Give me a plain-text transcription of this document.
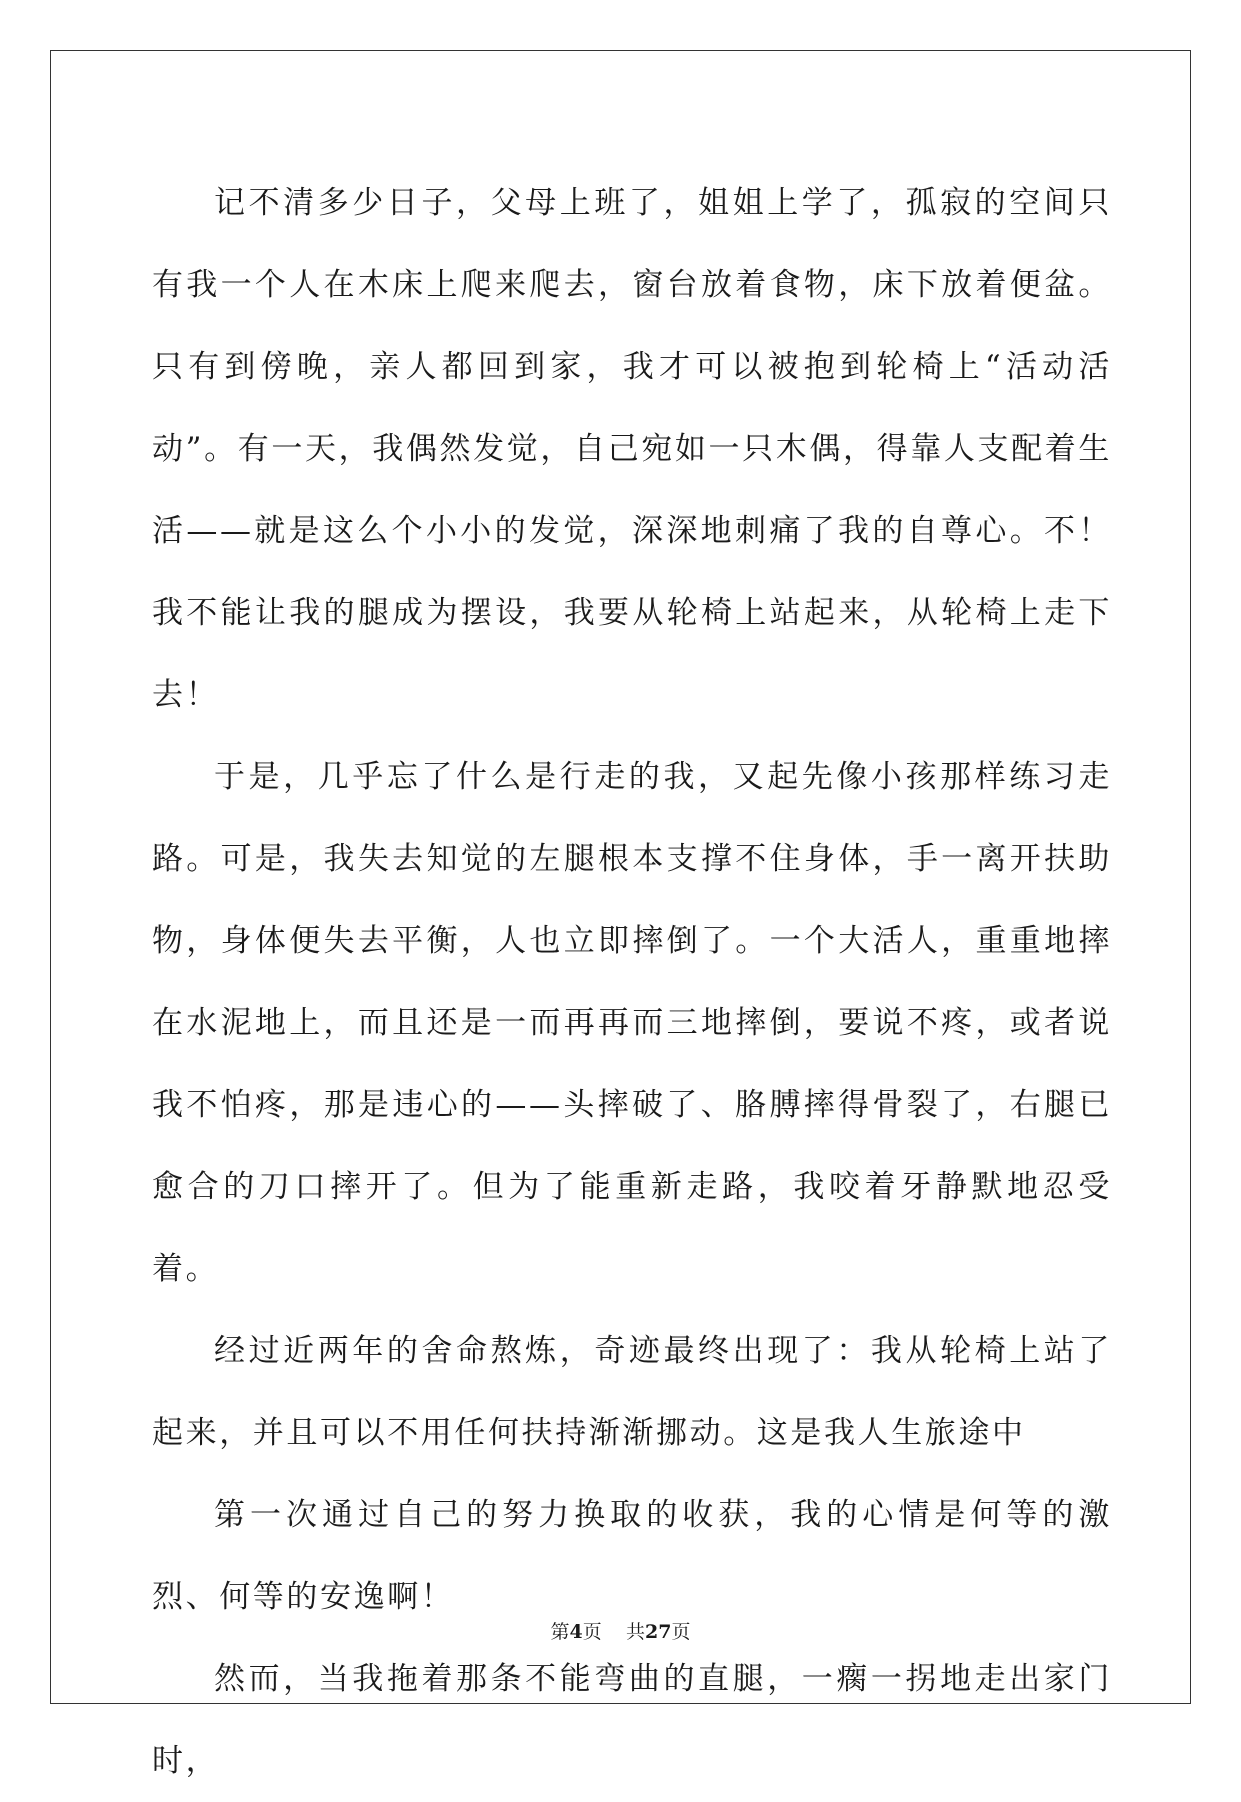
记不清多少日子，父母上班了，姐姐上学了，孤寂的空间只有我一个人在木床上爬来爬去，窗台放着食物，床下放着便盆。只有到傍晚，亲人都回到家，我才可以被抱到轮椅上“活动活动”。有一天，我偶然发觉，自己宛如一只木偶，得靠人支配着生活——就是这么个小小的发觉，深深地刺痛了我的自尊心。不！我不能让我的腿成为摆设，我要从轮椅上站起来，从轮椅上走下去！

于是，几乎忘了什么是行走的我，又起先像小孩那样练习走路。可是，我失去知觉的左腿根本支撑不住身体，手一离开扶助物，身体便失去平衡，人也立即摔倒了。一个大活人，重重地摔在水泥地上，而且还是一而再再而三地摔倒，要说不疼，或者说我不怕疼，那是违心的——头摔破了、胳膊摔得骨裂了，右腿已愈合的刀口摔开了。但为了能重新走路，我咬着牙静默地忍受着。

经过近两年的舍命熬炼，奇迹最终出现了：我从轮椅上站了起来，并且可以不用任何扶持渐渐挪动。这是我人生旅途中

第一次通过自己的努力换取的收获，我的心情是何等的激烈、何等的安逸啊！

然而，当我拖着那条不能弯曲的直腿，一瘸一拐地走出家门时，

第4页 共27页
